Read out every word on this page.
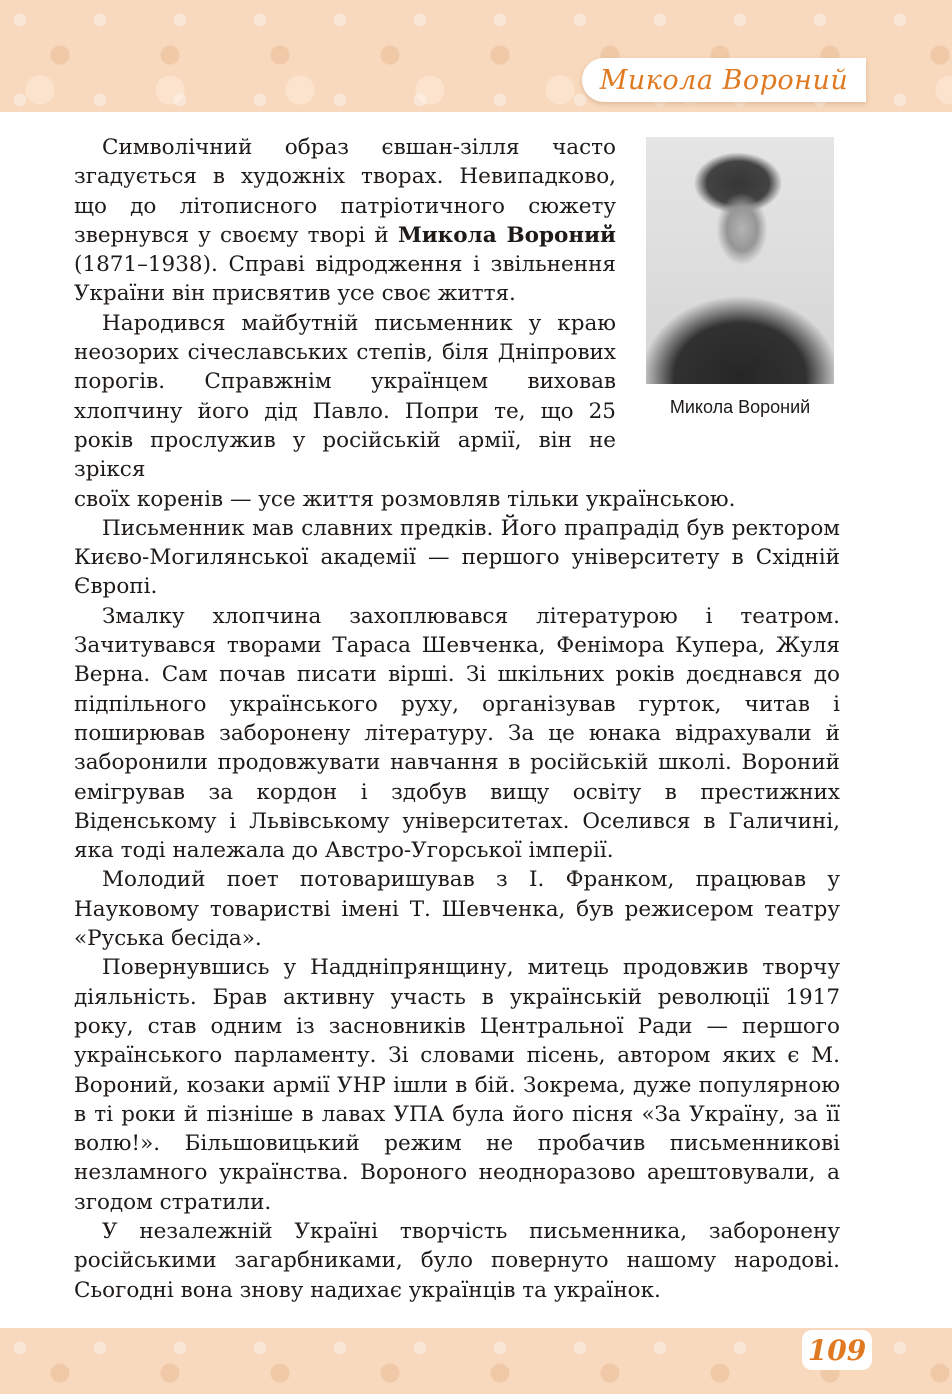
Микола Вороний
Микола Вороний

Символічний образ євшан-зілля часто згадується в художніх творах. Невипадково, що до літописного патріотичного сюжету звернувся у своєму творі й Микола Вороний (1871–1938). Справі відродження і звільнення України він присвятив усе своє життя.

Народився майбутній письменник у краю неозорих січеславських степів, біля Дніпрових порогів. Справжнім українцем виховав хлопчину його дід Павло. Попри те, що 25 років прослужив у російській армії, він не зрікся

своїх коренів — усе життя розмовляв тільки українською.

Письменник мав славних предків. Його прапрадід був ректором Києво-Могилянської академії — першого університету в Східній Європі.

Змалку хлопчина захоплювався літературою і театром. Зачитувався творами Тараса Шевченка, Фенімора Купера, Жуля Верна. Сам почав писати вірші. Зі шкільних років доєднався до підпільного українського руху, організував гурток, читав і поширював заборонену літературу. За це юнака відрахували й заборонили продовжувати навчання в російській школі. Вороний емігрував за кордон і здобув вищу освіту в престижних Віденському і Львівському університетах. Оселився в Галичині, яка тоді належала до Австро-Угорської імперії.

Молодий поет потоваришував з І. Франком, працював у Науковому товаристві імені Т. Шевченка, був режисером театру «Руська бесіда».

Повернувшись у Наддніпрянщину, митець продовжив творчу діяльність. Брав активну участь в українській революції 1917 року, став одним із засновників Центральної Ради — першого українського парламенту. Зі словами пісень, автором яких є М. Вороний, козаки армії УНР ішли в бій. Зокрема, дуже популярною в ті роки й пізніше в лавах УПА була його пісня «За Україну, за її волю!». Більшовицький режим не пробачив письменникові незламного українства. Вороного неодноразово арештовували, а згодом стратили.

У незалежній Україні творчість письменника, заборонену російськими загарбниками, було повернуто нашому народові. Сьогодні вона знову надихає українців та українок.

109
